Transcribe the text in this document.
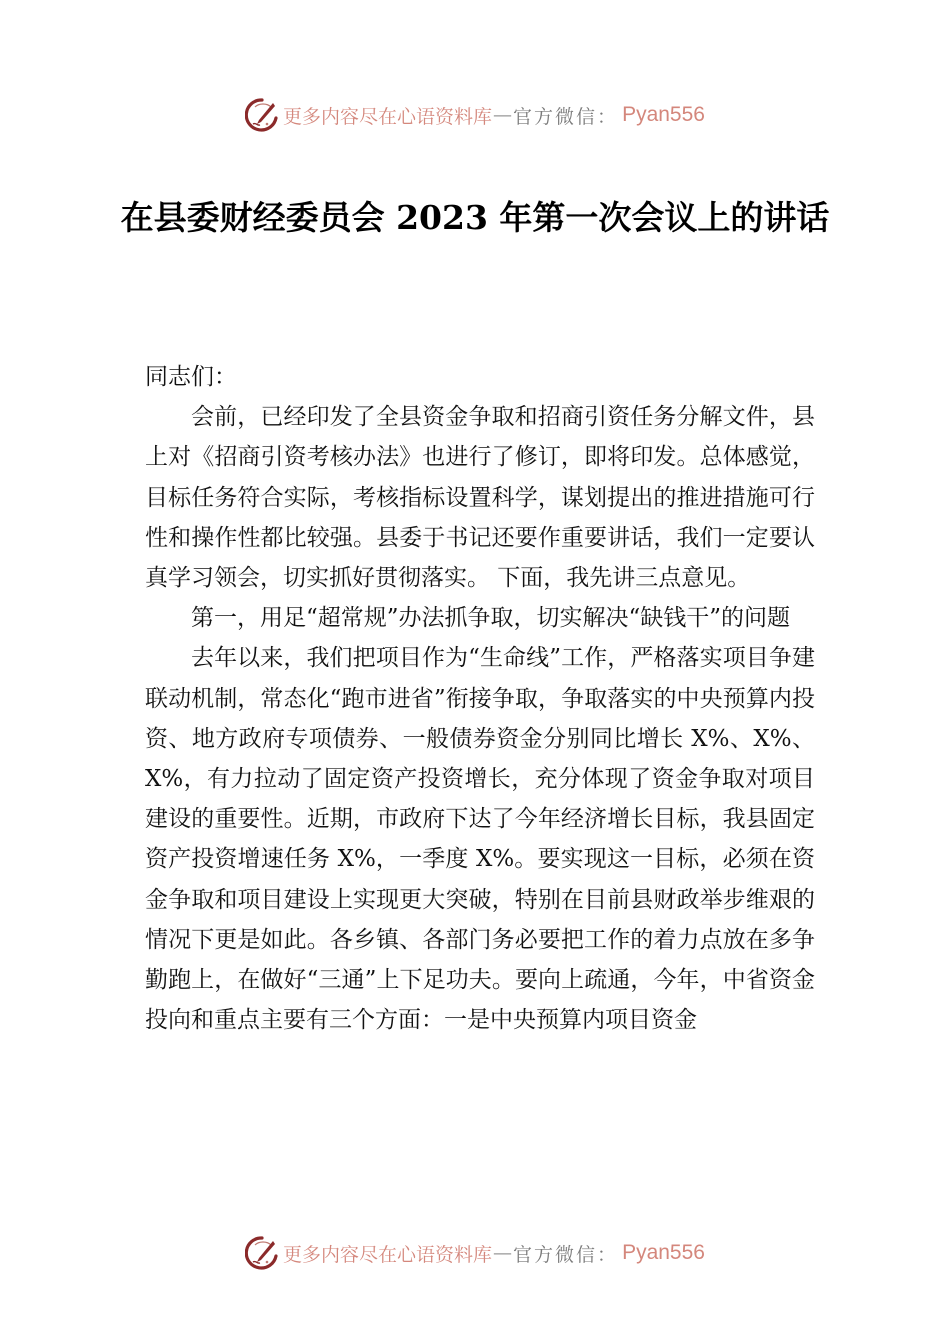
更多内容尽在心语资料库 — 官方微信： Pyan556
在县委财经委员会 2023 年第一次会议上的讲话

同志们：

会前，已经印发了全县资金争取和招商引资任务分解文件，县上对《招商引资考核办法》也进行了修订，即将印发。总体感觉，目标任务符合实际，考核指标设置科学，谋划提出的推进措施可行性和操作性都比较强。县委于书记还要作重要讲话，我们一定要认真学习领会，切实抓好贯彻落实。 下面，我先讲三点意见。

第一，用足“超常规”办法抓争取，切实解决“缺钱干”的问题

去年以来，我们把项目作为“生命线”工作，严格落实项目争建联动机制，常态化“跑市进省”衔接争取，争取落实的中央预算内投资、地方政府专项债券、一般债券资金分别同比增长 X%、X%、X%，有力拉动了固定资产投资增长，充分体现了资金争取对项目建设的重要性。近期，市政府下达了今年经济增长目标，我县固定资产投资增速任务 X%，一季度 X%。要实现这一目标，必须在资金争取和项目建设上实现更大突破，特别在目前县财政举步维艰的情况下更是如此。各乡镇、各部门务必要把工作的着力点放在多争勤跑上，在做好“三通”上下足功夫。要向上疏通，今年，中省资金投向和重点主要有三个方面：一是中央预算内项目资金

更多内容尽在心语资料库 — 官方微信： Pyan556
